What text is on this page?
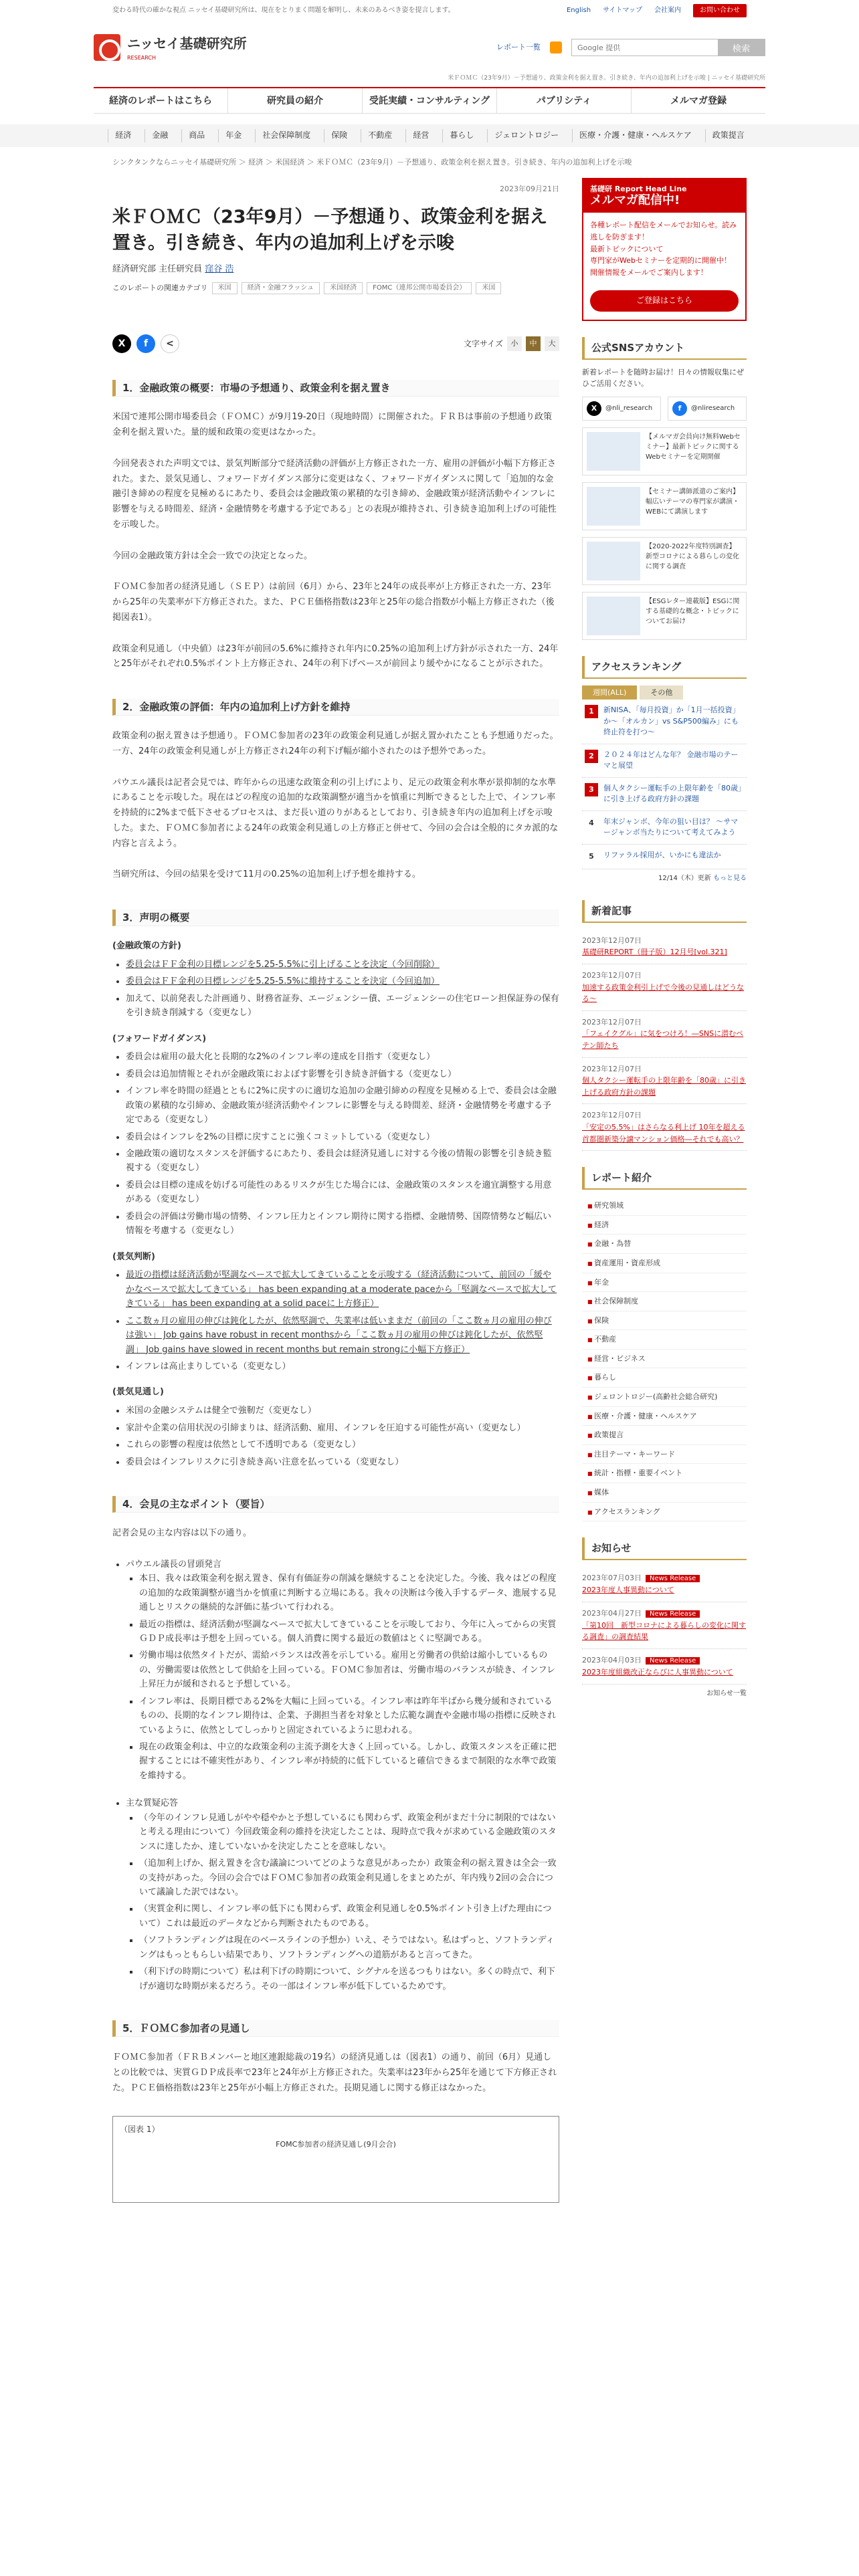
変わる時代の確かな視点 ニッセイ基礎研究所は、現在をとりまく問題を解明し、未来のあるべき姿を提言します。	English サイトマップ 会社案内	お問い合わせ
ニッセイ基礎研究所
RESEARCH
レポート一覧
Google 提供	検索
米ＦＯＭＣ（23年9月）－予想通り、政策金利を据え置き。引き続き、年内の追加利上げを示唆 | ニッセイ基礎研究所
経済のレポートはこちら	研究員の紹介	受託実績・コンサルティング	パブリシティ	メルマガ登録
経済	金融	商品	年金	社会保障制度	保険	不動産	経営	暮らし	ジェロントロジー	医療・介護・健康・ヘルスケア	政策提言
シンクタンクならニッセイ基礎研究所 ＞ 経済 ＞ 米国経済 ＞ 米ＦＯＭＣ（23年9月）－予想通り、政策金利を据え置き。引き続き、年内の追加利上げを示唆
2023年09月21日
米ＦＯＭＣ（23年9月）－予想通り、政策金利を据え置き。引き続き、年内の追加利上げを示唆
経済研究部 主任研究員 窪谷 浩
このレポートの関連カテゴリ	米国	経済・金融フラッシュ	米国経済	FOMC（連邦公開市場委員会）	米国
X	f	<	文字サイズ	小	中	大
1．金融政策の概要：市場の予想通り、政策金利を据え置き

米国で連邦公開市場委員会（ＦＯＭＣ）が9月19-20日（現地時間）に開催された。ＦＲＢは事前の予想通り政策金利を据え置いた。量的緩和政策の変更はなかった。

今回発表された声明文では、景気判断部分で経済活動の評価が上方修正された一方、雇用の評価が小幅下方修正された。また、景気見通し、フォワードガイダンス部分に変更はなく、フォワードガイダンスに関して「追加的な金融引き締めの程度を見極めるにあたり、委員会は金融政策の累積的な引き締め、金融政策が経済活動やインフレに影響を与える時間差、経済・金融情勢を考慮する予定である」との表現が維持され、引き続き追加利上げの可能性を示唆した。

今回の金融政策方針は全会一致での決定となった。

ＦＯＭＣ参加者の経済見通し（ＳＥＰ）は前回（6月）から、23年と24年の成長率が上方修正された一方、23年から25年の失業率が下方修正された。また、ＰＣＥ価格指数は23年と25年の総合指数が小幅上方修正された（後掲図表1）。

政策金利見通し（中央値）は23年が前回の5.6%に維持され年内に0.25%の追加利上げ方針が示された一方、24年と25年がそれぞれ0.5%ポイント上方修正され、24年の利下げペースが前回より緩やかになることが示された。

2．金融政策の評価：年内の追加利上げ方針を維持

政策金利の据え置きは予想通り。ＦＯＭＣ参加者の23年の政策金利見通しが据え置かれたことも予想通りだった。一方、24年の政策金利見通しが上方修正され24年の利下げ幅が縮小されたのは予想外であった。

パウエル議長は記者会見では、昨年からの迅速な政策金利の引上げにより、足元の政策金利水準が景抑制的な水準にあることを示唆した。現在はどの程度の追加的な政策調整が適当かを慎重に判断できるとした上で、インフレ率を持続的に2%まで低下させるプロセスは、まだ長い道のりがあるとしており、引き続き年内の追加利上げを示唆した。また、ＦＯＭＣ参加者による24年の政策金利見通しの上方修正と併せて、今回の会合は全般的にタカ派的な内容と言えよう。

当研究所は、今回の結果を受けて11月の0.25%の追加利上げ予想を維持する。

3．声明の概要
(金融政策の方針)
• 委員会はＦＦ金利の目標レンジを5.25-5.5%に引上げることを決定（今回削除）
• 委員会はＦＦ金利の目標レンジを5.25-5.5%に維持することを決定（今回追加）
• 加えて、以前発表した計画通り、財務省証券、エージェンシー債、エージェンシーの住宅ローン担保証券の保有を引き続き削減する（変更なし）
(フォワードガイダンス)
• 委員会は雇用の最大化と長期的な2%のインフレ率の達成を目指す（変更なし）
• 委員会は追加情報とそれが金融政策におよぼす影響を引き続き評価する（変更なし）
• インフレ率を時間の経過とともに2%に戻すのに適切な追加の金融引締めの程度を見極める上で、委員会は金融政策の累積的な引締め、金融政策が経済活動やインフレに影響を与える時間差、経済・金融情勢を考慮する予定である（変更なし）
• 委員会はインフレを2%の目標に戻すことに強くコミットしている（変更なし）
• 金融政策の適切なスタンスを評価するにあたり、委員会は経済見通しに対する今後の情報の影響を引き続き監視する（変更なし）
• 委員会は目標の達成を妨げる可能性のあるリスクが生じた場合には、金融政策のスタンスを適宜調整する用意がある（変更なし）
• 委員会の評価は労働市場の情勢、インフレ圧力とインフレ期待に関する指標、金融情勢、国際情勢など幅広い情報を考慮する（変更なし）
(景気判断)
• 最近の指標は経済活動が堅調なペースで拡大してきていることを示唆する（経済活動について、前回の「緩やかなペースで拡大してきている」 has been expanding at a moderate paceから「堅調なペースで拡大してきている」 has been expanding at a solid paceに上方修正）
• ここ数ヵ月の雇用の伸びは鈍化したが、依然堅調で、失業率は低いままだ（前回の「ここ数ヵ月の雇用の伸びは強い」 Job gains have robust in recent monthsから「ここ数ヵ月の雇用の伸びは鈍化したが、依然堅調」 Job gains have slowed in recent months but remain strongに小幅下方修正）
• インフレは高止まりしている（変更なし）
(景気見通し)
• 米国の金融システムは健全で強靭だ（変更なし）
• 家計や企業の信用状況の引締まりは、経済活動、雇用、インフレを圧迫する可能性が高い（変更なし）
• これらの影響の程度は依然として不透明である（変更なし）
• 委員会はインフレリスクに引き続き高い注意を払っている（変更なし）
4．会見の主なポイント（要旨）

記者会見の主な内容は以下の通り。

• パウエル議長の冒頭発言
▪ 本日、我々は政策金利を据え置き、保有有価証券の削減を継続することを決定した。今後、我々はどの程度の追加的な政策調整が適当かを慎重に判断する立場にある。我々の決断は今後入手するデータ、進展する見通しとリスクの継続的な評価に基づいて行われる。
▪ 最近の指標は、経済活動が堅調なペースで拡大してきていることを示唆しており、今年に入ってからの実質ＧＤＰ成長率は予想を上回っている。個人消費に関する最近の数値はとくに堅調である。
▪ 労働市場は依然タイトだが、需給バランスは改善を示している。雇用と労働者の供給は縮小しているものの、労働需要は依然として供給を上回っている。ＦＯＭＣ参加者は、労働市場のバランスが続き、インフレ上昇圧力が緩和されると予想している。
▪ インフレ率は、長期目標である2%を大幅に上回っている。インフレ率は昨年半ばから幾分緩和されているものの、長期的なインフレ期待は、企業、予測担当者を対象とした広範な調査や金融市場の指標に反映されているように、依然としてしっかりと固定されているように思われる。
▪ 現在の政策金利は、中立的な政策金利の主流予測を大きく上回っている。しかし、政策スタンスを正確に把握することには不確実性があり、インフレ率が持続的に低下していると確信できるまで制限的な水準で政策を維持する。
• 主な質疑応答
▪ （今年のインフレ見通しがやや穏やかと予想しているにも関わらず、政策金利がまだ十分に制限的ではないと考える理由について）今回政策金利の維持を決定したことは、現時点で我々が求めている金融政策のスタンスに達したか、達していないかを決定したことを意味しない。
▪ （追加利上げか、据え置きを含む議論についてどのような意見があったか）政策金利の据え置きは全会一致の支持があった。今回の会合ではＦＯＭＣ参加者の政策金利見通しをまとめたが、年内残り2回の会合について議論した訳ではない。
▪ （実質金利に関し、インフレ率の低下にも関わらず、政策金利見通しを0.5%ポイント引き上げた理由について）これは最近のデータなどから判断されたものである。
▪ （ソフトランディングは現在のベースラインの予想か）いえ、そうではない。私はずっと、ソフトランディングはもっともらしい結果であり、ソフトランディングへの道筋があると言ってきた。
▪ （利下げの時期について）私は利下げの時期について、シグナルを送るつもりはない。多くの時点で、利下げが適切な時期が来るだろう。その一部はインフレ率が低下しているためです。
5．ＦＯＭＣ参加者の見通し

ＦＯＭＣ参加者（ＦＲＢメンバーと地区連銀総裁の19名）の経済見通しは（図表1）の通り、前回（6月）見通しとの比較では、実質ＧＤＰ成長率で23年と24年が上方修正された。失業率は23年から25年を通じて下方修正された。ＰＣＥ価格指数は23年と25年が小幅上方修正された。長期見通しに関する修正はなかった。

（図表 1）
FOMC参加者の経済見通し(9月会合)
基礎研 Report Head Line
メルマガ配信中!
各種レポート配信をメールでお知らせ。読み逃しを防ぎます！
最新トピックについて
専門家がWebセミナーを定期的に開催中！
開催情報をメールでご案内します！
ご登録はこちら
公式SNSアカウント
新着レポートを随時お届け！日々の情報収集にぜひご活用ください。
X	@nli_research	f	@nliresearch
【メルマガ会員向け無料Webセミナー】最新トピックに関するWebセミナーを定期開催
【セミナー講師派遣のご案内】幅広いテーマの専門家が講演・WEBにて講演します
【2020-2022年度特別調査】新型コロナによる暮らしの変化に関する調査
【ESGレター連載版】ESGに関する基礎的な概念・トピックについてお届け
アクセスランキング
週間(ALL)	その他
1	新NISA、「毎月投資」か「1月一括投資」か～「オルカン」vs S&P500編み」にも終止符を打つ～
2	２０２４年はどんな年？ 金融市場のテーマと展望
3	個人タクシー運転手の上限年齢を「80歳」に引き上げる政府方針の課題
4	年末ジャンボ、今年の狙い目は？ ～サマージャンボ当たりについて考えてみよう
5	リファラル採用が、いかにも違法か
12/14（木）更新 もっと見る
新着記事
2023年12月07日
基礎研REPORT（冊子版）12月号[vol.321]
2023年12月07日
加速する政策金利引上げで今後の見通しはどうなる～
2023年12月07日
「フェイクグル」に気をつけろ！―SNSに潜むペテン師たち
2023年12月07日
個人タクシー運転手の上限年齢を「80歳」に引き上げる政府方針の課題
2023年12月07日
「安定の5.5%」はさらなる利上げ 10年を超える首都圏新築分譲マンション価格―それでも高い？
レポート紹介
■ 研究領域
■ 経済
■ 金融・為替
■ 資産運用・資産形成
■ 年金
■ 社会保障制度
■ 保険
■ 不動産
■ 経営・ビジネス
■ 暮らし
■ ジェロントロジー(高齢社会総合研究)
■ 医療・介護・健康・ヘルスケア
■ 政策提言
■ 注目テーマ・キーワード
■ 統計・指標・重要イベント
■ 媒体
■ アクセスランキング
お知らせ
2023年07月03日 News Release
2023年度人事異動について
2023年04月27日 News Release
「第10回　新型コロナによる暮らしの変化に関する調査」の調査結果
2023年04月03日 News Release
2023年度組織改正ならびに人事異動について
お知らせ一覧
